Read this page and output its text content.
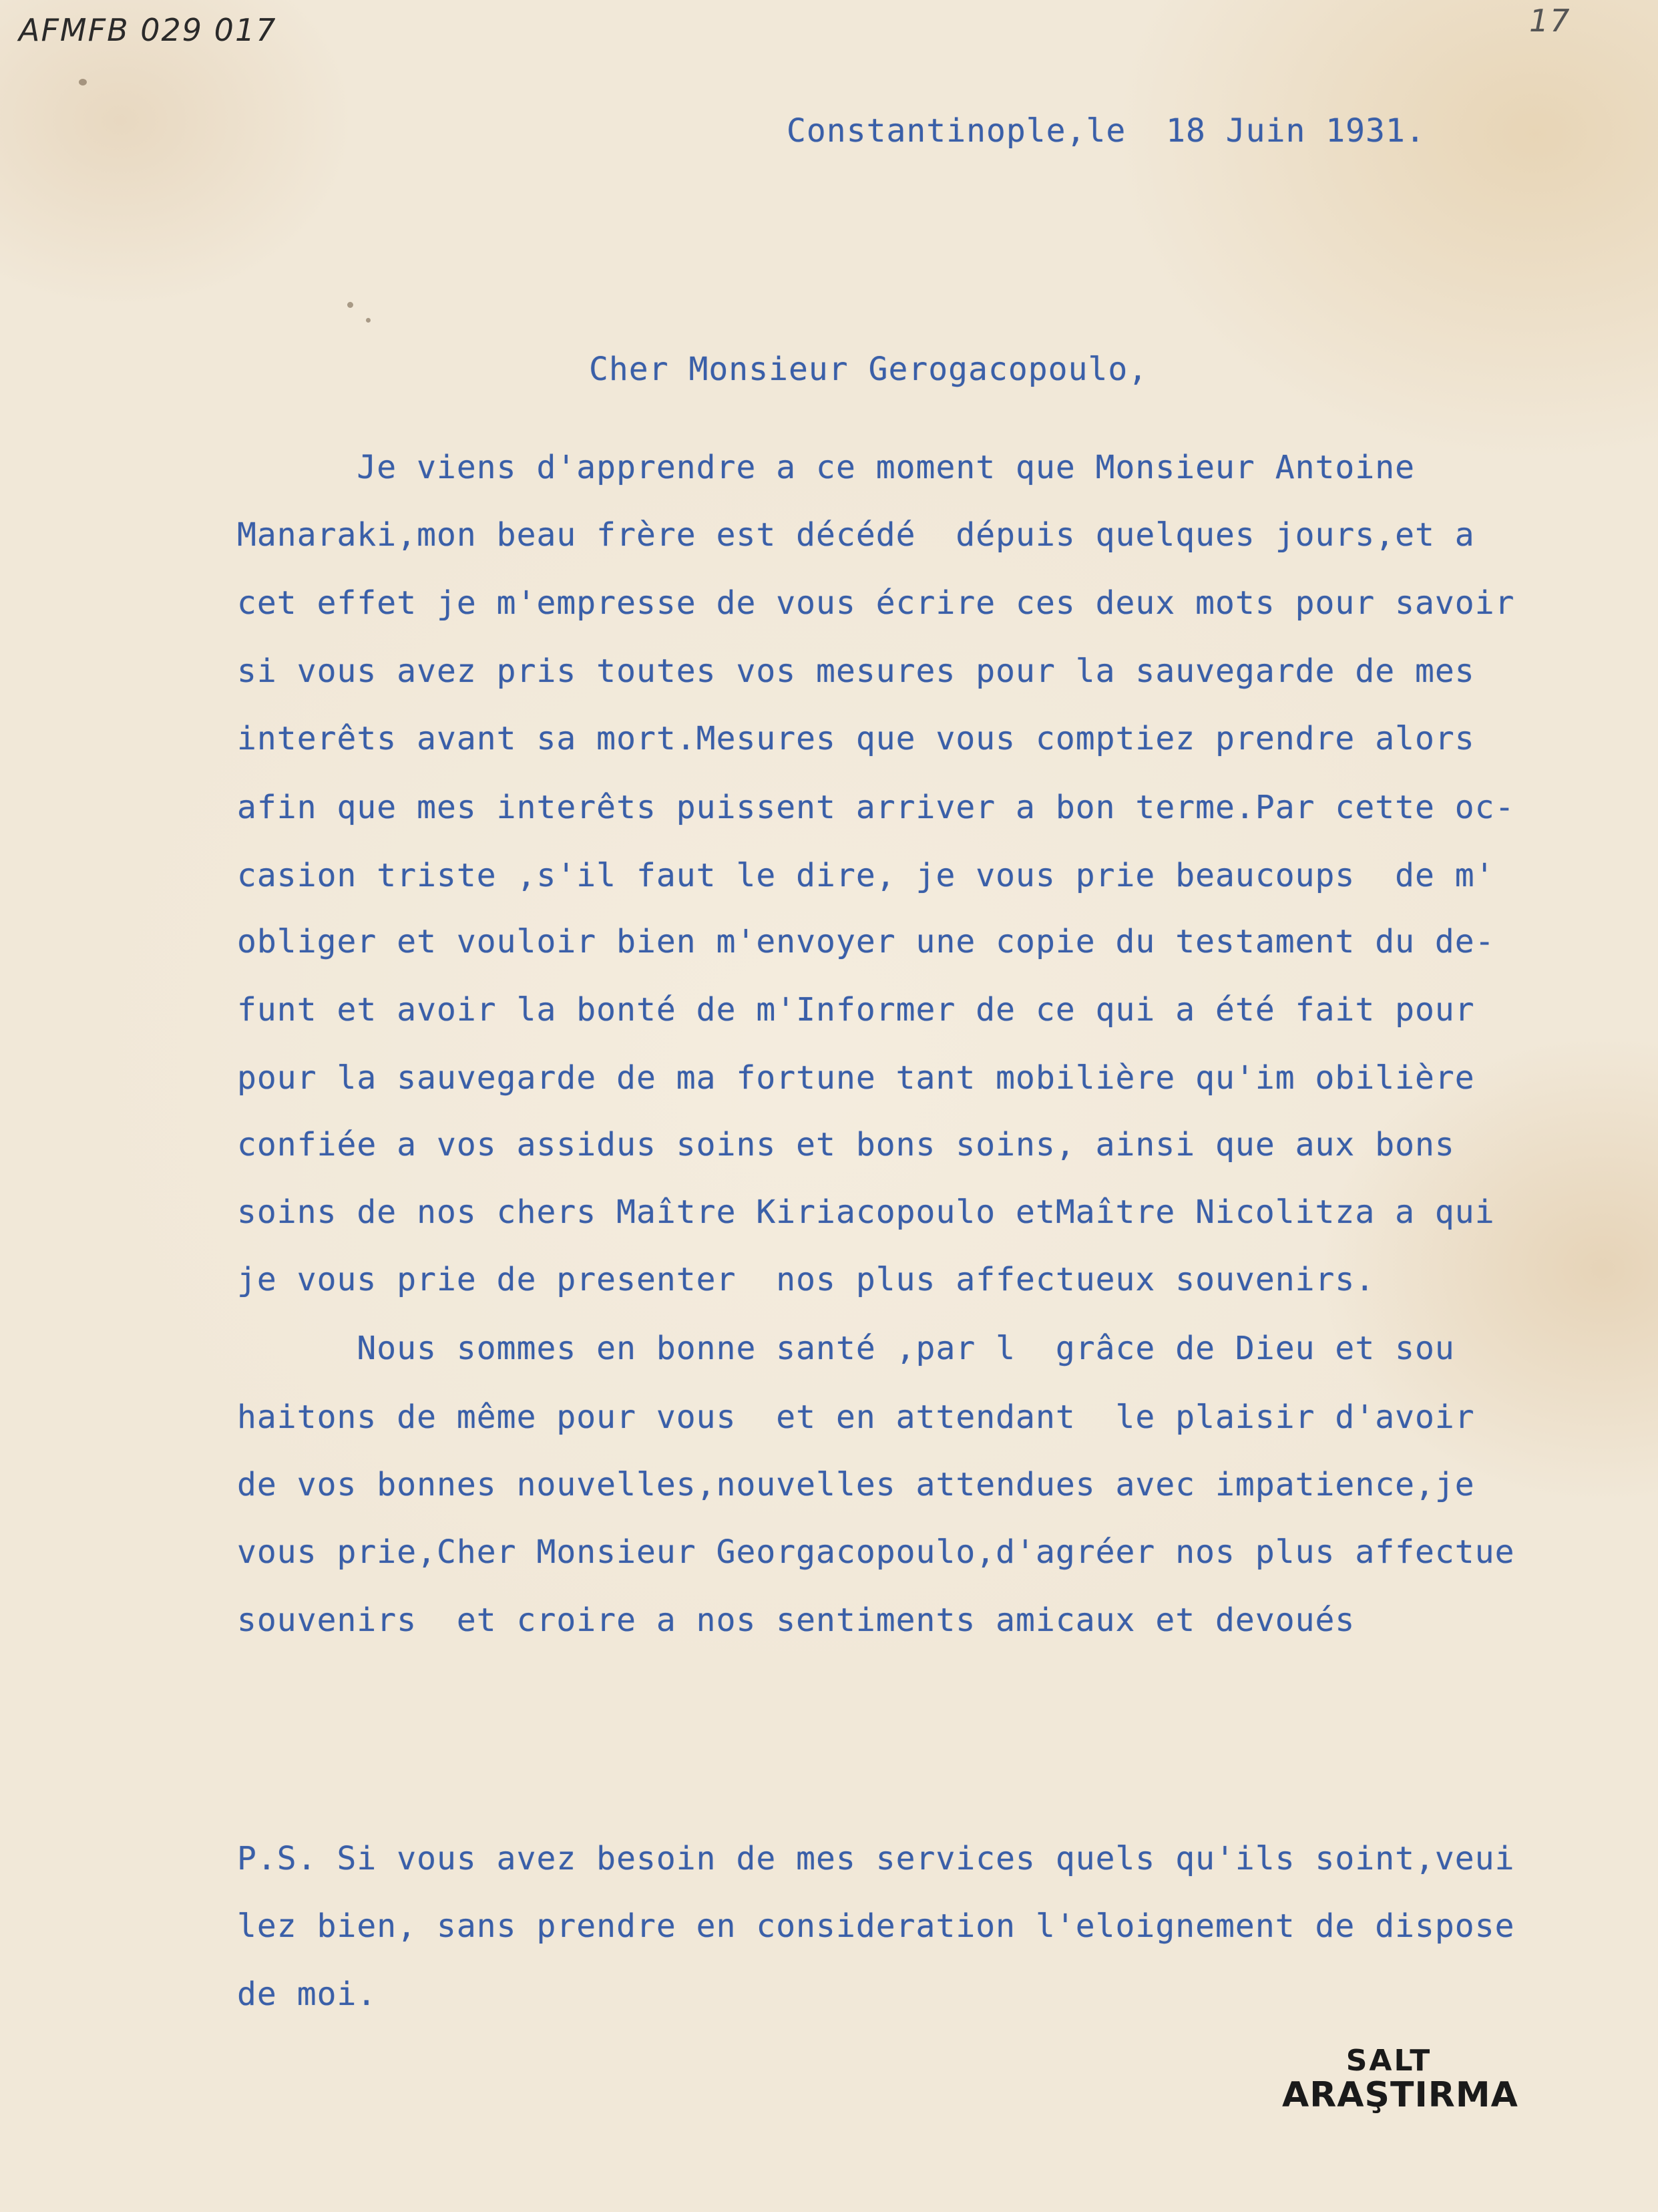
AFMFB 029 017	17
Constantinople,le  18 Juin 1931.
Cher Monsieur Gerogacopoulo,
Je viens d'apprendre a ce moment que Monsieur Antoine
Manaraki,mon beau frère est décédé  dépuis quelques jours,et a
cet effet je m'empresse de vous écrire ces deux mots pour savoir
si vous avez pris toutes vos mesures pour la sauvegarde de mes
interêts avant sa mort.Mesures que vous comptiez prendre alors
afin que mes interêts puissent arriver a bon terme.Par cette oc-
casion triste ,s'il faut le dire, je vous prie beaucoups  de m'
obliger et vouloir bien m'envoyer une copie du testament du de-
funt et avoir la bonté de m'Informer de ce qui a été fait pour
pour la sauvegarde de ma fortune tant mobilière qu'im obilière
confiée a vos assidus soins et bons soins, ainsi que aux bons
soins de nos chers Maître Kiriacopoulo etMaître Nicolitza a qui
je vous prie de presenter  nos plus affectueux souvenirs.
Nous sommes en bonne santé ,par l  grâce de Dieu et sou
haitons de même pour vous  et en attendant  le plaisir d'avoir
de vos bonnes nouvelles,nouvelles attendues avec impatience,je
vous prie,Cher Monsieur Georgacopoulo,d'agréer nos plus affectue
souvenirs  et croire a nos sentiments amicaux et devoués
P.S. Si vous avez besoin de mes services quels qu'ils soint,veui
lez bien, sans prendre en consideration l'eloignement de dispose
de moi.
SALT
ARAŞTIRMA
